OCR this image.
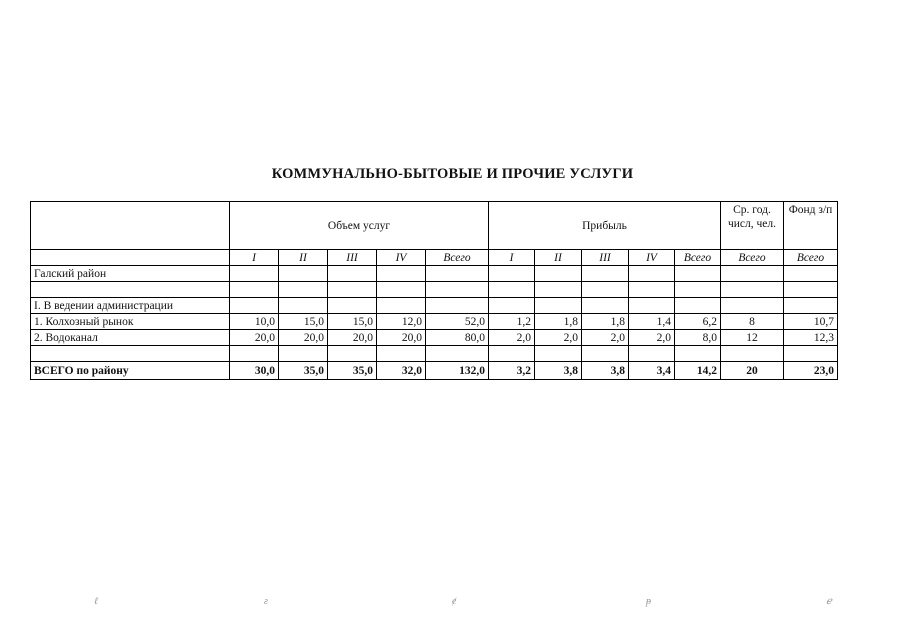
КОММУНАЛЬНО-БЫТОВЫЕ И ПРОЧИЕ УСЛУГИ
	Объем услуг					Прибыль					Ср. год. числ, чел.	Фонд з/п
	I	II	III	IV	Всего	I	II	III	IV	Всего	Всего	Всего
Галский район												

I. В ведении администрации												
1. Колхозный рынок	10,0	15,0	15,0	12,0	52,0	1,2	1,8	1,8	1,4	6,2	8	10,7
2. Водоканал	20,0	20,0	20,0	20,0	80,0	2,0	2,0	2,0	2,0	8,0	12	12,3

ВСЕГО по району	30,0	35,0	35,0	32,0	132,0	3,2	3,8	3,8	3,4	14,2	20	23,0
ℓ	ƨ	ɇ	ᵽ	ℯ
